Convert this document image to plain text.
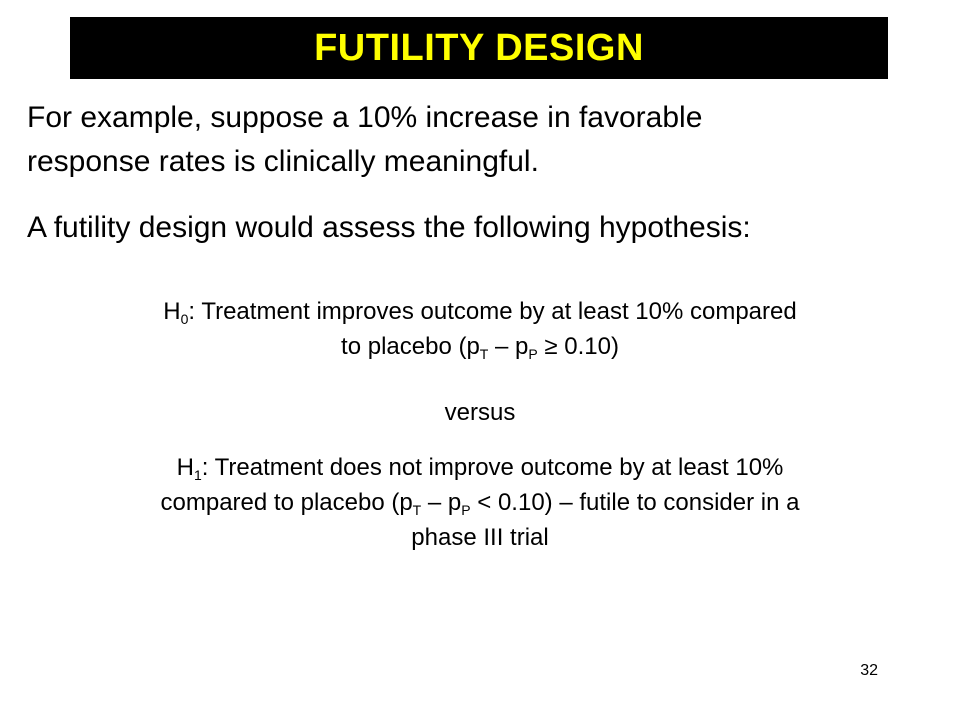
FUTILITY DESIGN

For example, suppose a 10% increase in favorable
response rates is clinically meaningful.

A futility design would assess the following hypothesis:

$H_0$: Treatment improves outcome by at least 10% compared
to placebo $(p_T - p_P \ge 0.10)$

versus

$H_1$: Treatment does not improve outcome by at least 10%
compared to placebo $(p_T - p_P < 0.10)$ – futile to consider in a
phase III trial

32
